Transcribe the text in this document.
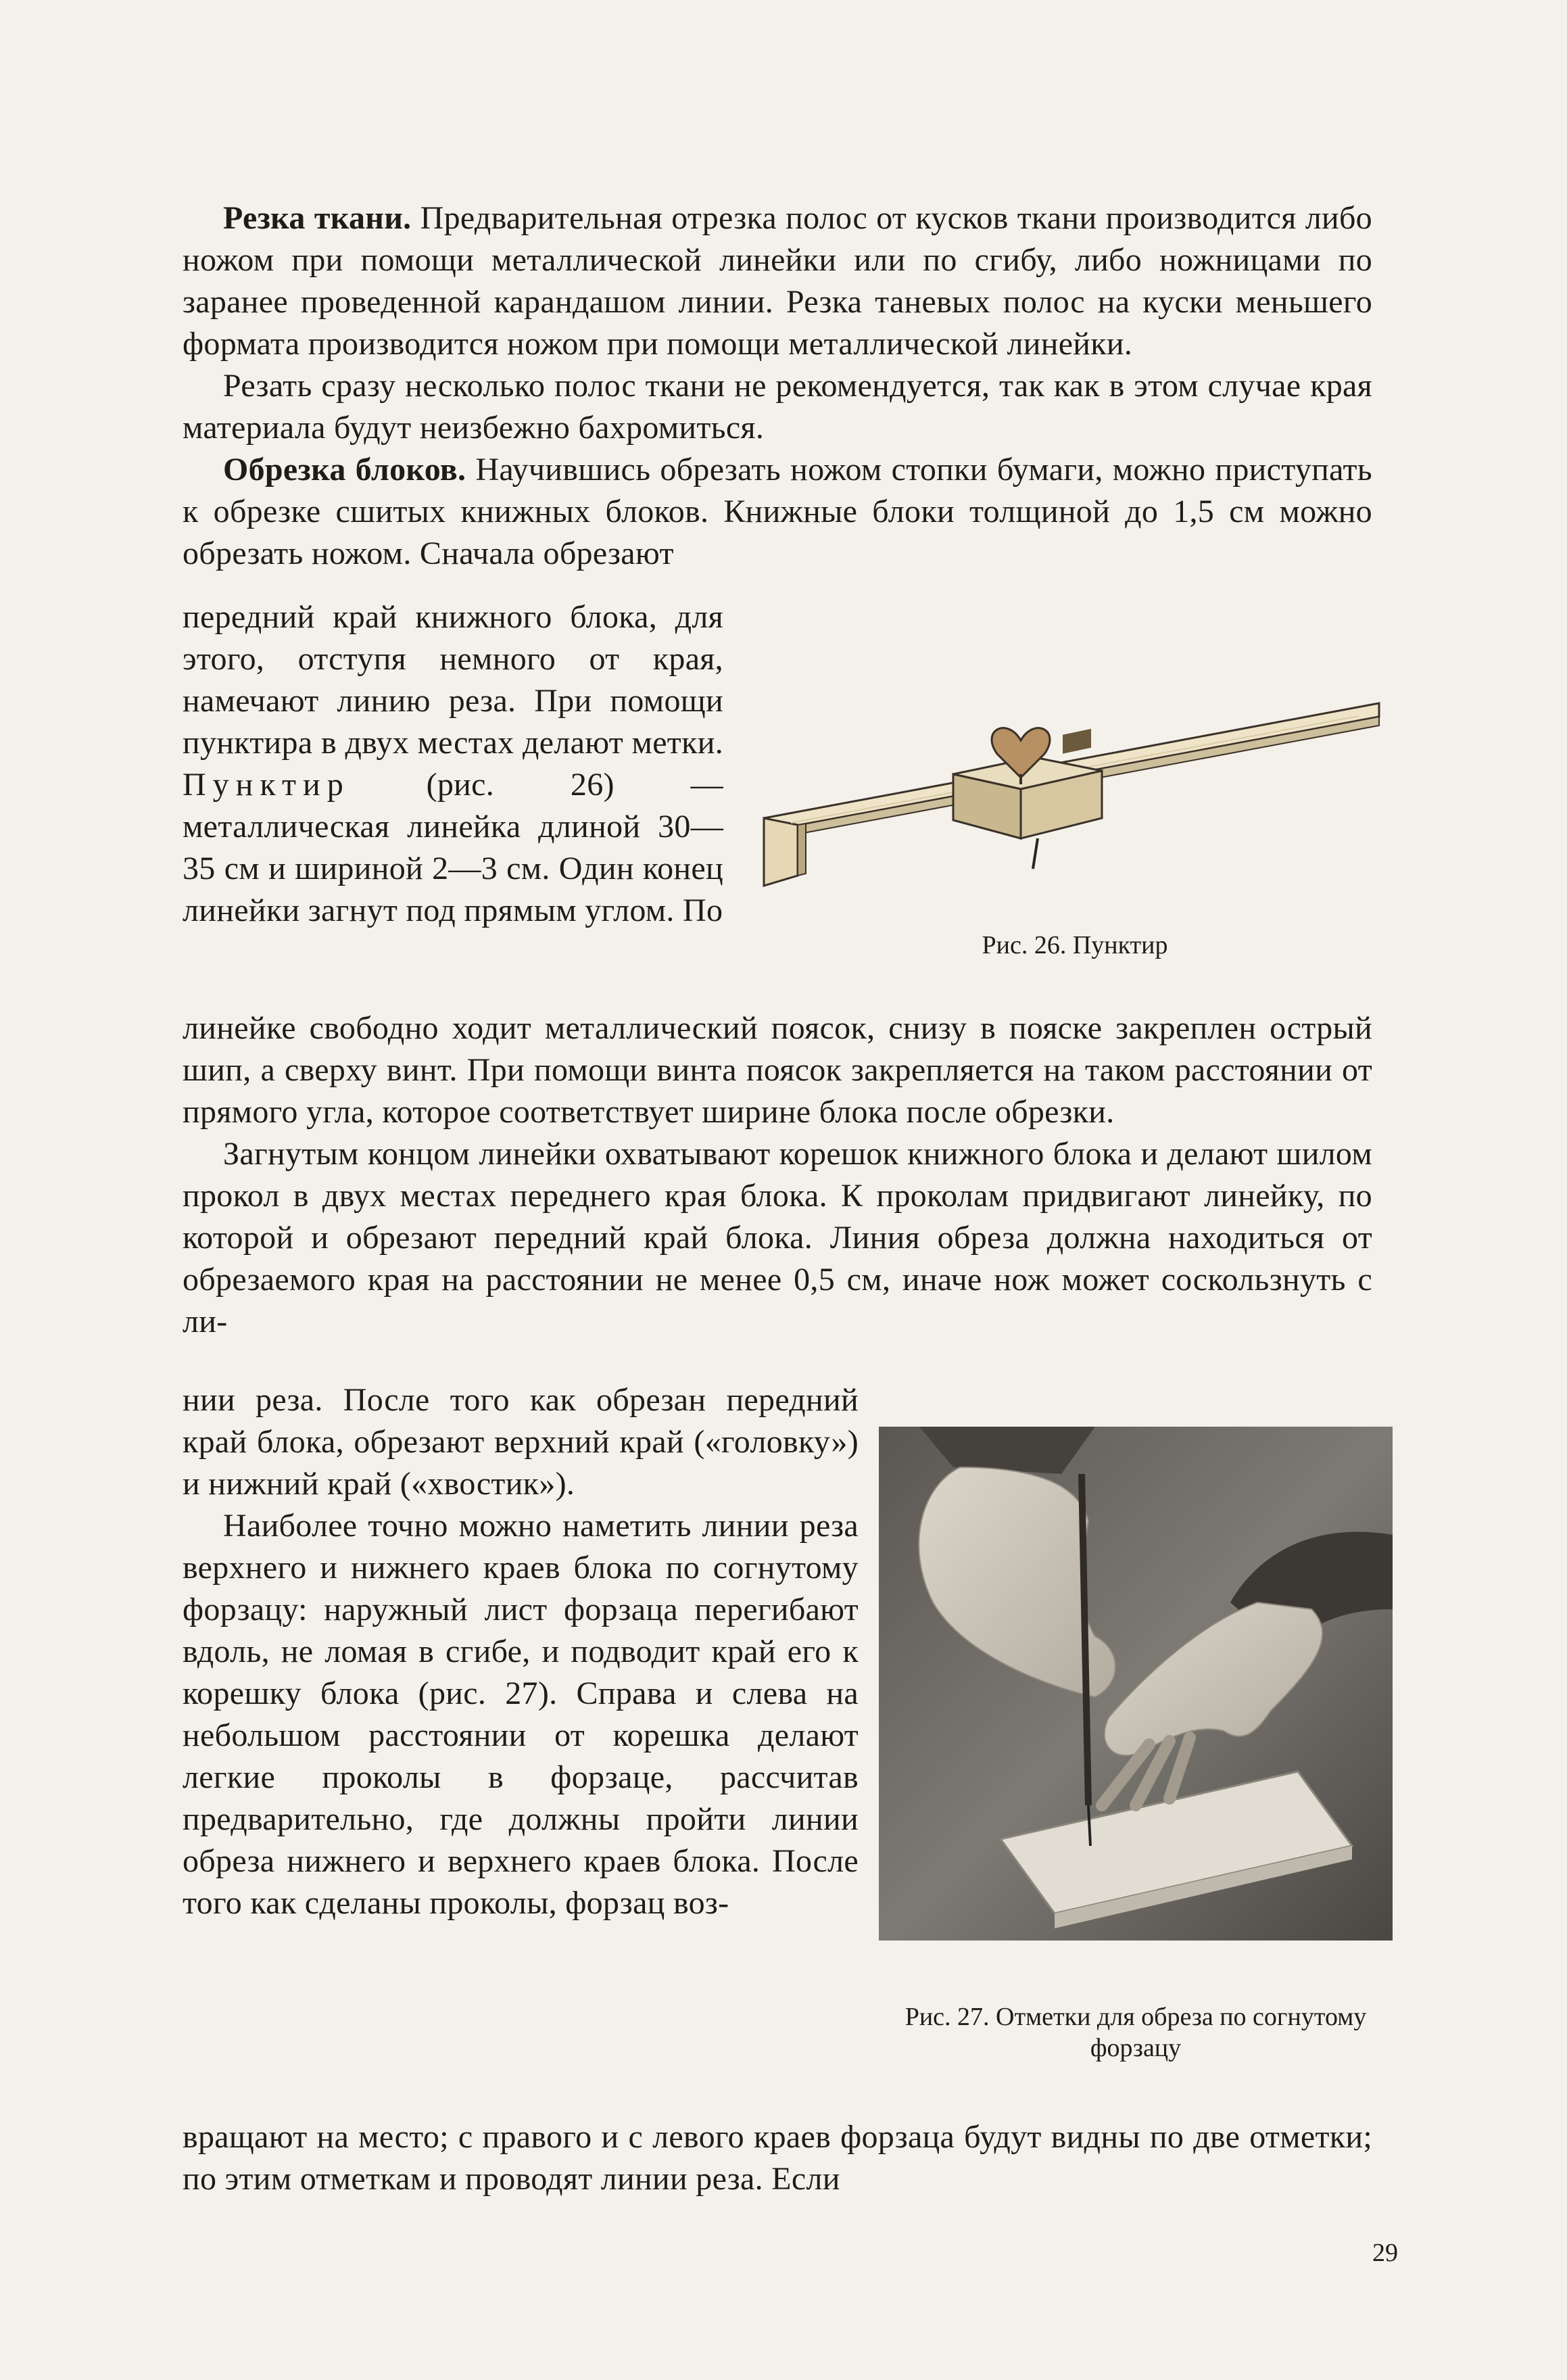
Резка ткани. Предварительная отрезка полос от кусков ткани производится либо ножом при помощи металлической линейки или по сгибу, либо ножницами по заранее проведенной карандашом линии. Резка таневых полос на куски меньшего формата производится ножом при помощи металлической линейки.

Резать сразу несколько полос ткани не рекомендуется, так как в этом случае края материала будут неизбежно бахромиться.

Обрезка блоков. Научившись обрезать ножом стопки бумаги, можно приступать к обрезке сшитых книжных блоков. Книжные блоки толщиной до 1,5 см можно обрезать ножом. Сначала обрезают

передний край книжного блока, для этого, отступя немного от края, намечают линию реза. При помощи пунктира в двух местах делают метки. Пунктир (рис. 26) — металлическая линейка длиной 30—35 см и шириной 2—3 см. Один конец линейки загнут под прямым углом. По

Рис. 26. Пунктир

линейке свободно ходит металлический поясок, снизу в пояске закреплен острый шип, а сверху винт. При помощи винта поясок закрепляется на таком расстоянии от прямого угла, которое соответствует ширине блока после обрезки.

Загнутым концом линейки охватывают корешок книжного блока и делают шилом прокол в двух местах переднего края блока. К проколам придвигают линейку, по которой и обрезают передний край блока. Линия обреза должна находиться от обрезаемого края на расстоянии не менее 0,5 см, иначе нож может соскользнуть с ли-

нии реза. После того как обрезан передний край блока, обрезают верхний край («головку») и нижний край («хвостик»).

Наиболее точно можно наметить линии реза верхнего и нижнего краев блока по согнутому форзацу: наружный лист форзаца перегибают вдоль, не ломая в сгибе, и подводит край его к корешку блока (рис. 27). Справа и слева на небольшом расстоянии от корешка делают легкие проколы в форзаце, рассчитав предварительно, где должны пройти линии обреза нижнего и верхнего краев блока. После того как сделаны проколы, форзац воз-

Рис. 27. Отметки для обреза по согнутому форзацу

вращают на место; с правого и с левого краев форзаца будут видны по две отметки; по этим отметкам и проводят линии реза. Если

29
